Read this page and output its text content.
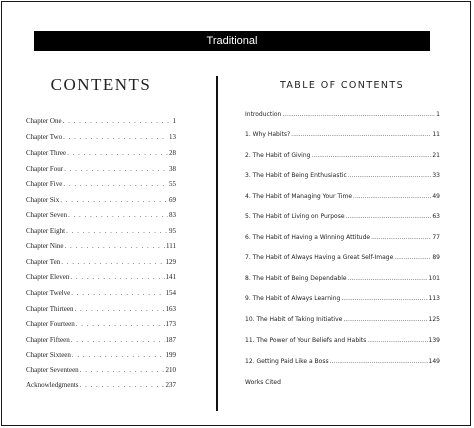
Traditional
CONTENTS	TABLE OF CONTENTS
Chapter One . . .	1
Chapter Two . . .	13
Chapter Three . . .	28
Chapter Four . . .	38
Chapter Five . . .	55
Chapter Six . . .	69
Chapter Seven . . .	83
Chapter Eight . . .	95
Chapter Nine . . .	111
Chapter Ten . . .	129
Chapter Eleven . . .	141
Chapter Twelve . . .	154
Chapter Thirteen . . .	163
Chapter Fourteen . . .	173
Chapter Fifteen . . .	187
Chapter Sixteen . . .	199
Chapter Seventeen . . .	210
Acknowledgments . . .	237
Introduction .....	1
1. Why Habits? .....	11
2. The Habit of Giving .....	21
3. The Habit of Being Enthusiastic .....	33
4. The Habit of Managing Your Time .....	49
5. The Habit of Living on Purpose .....	63
6. The Habit of Having a Winning Attitude .....	77
7. The Habit of Always Having a Great Self-Image .....	89
8. The Habit of Being Dependable .....	101
9. The Habit of Always Learning .....	113
10. The Habit of Taking Initiative .....	125
11. The Power of Your Beliefs and Habits .....	139
12. Getting Paid Like a Boss .....	149
Works Cited
